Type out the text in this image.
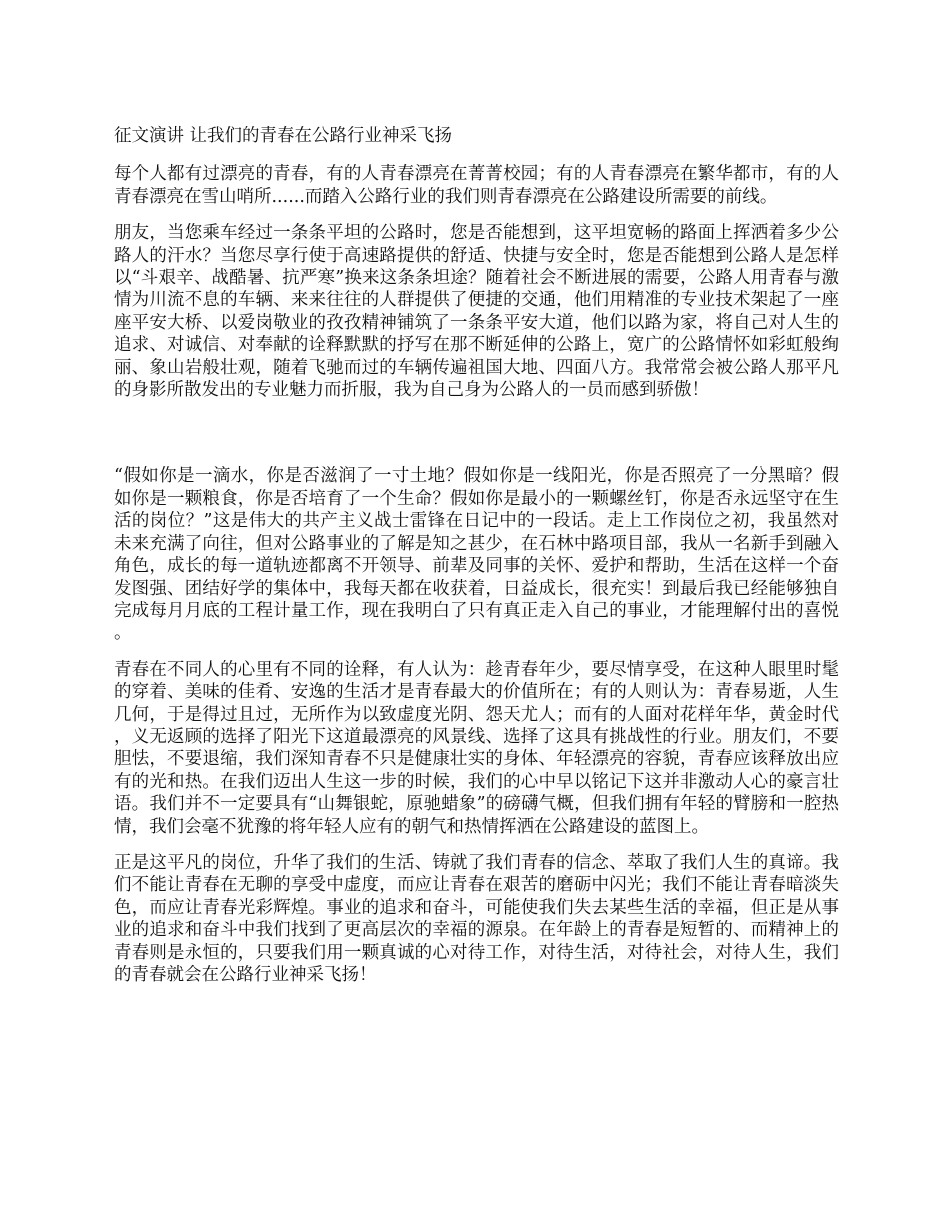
征文演讲 让我们的青春在公路行业神采飞扬

每个人都有过漂亮的青春，有的人青春漂亮在菁菁校园；有的人青春漂亮在繁华都市，有的人青春漂亮在雪山哨所......而踏入公路行业的我们则青春漂亮在公路建设所需要的前线。

朋友，当您乘车经过一条条平坦的公路时，您是否能想到，这平坦宽畅的路面上挥洒着多少公路人的汗水？当您尽享行使于高速路提供的舒适、快捷与安全时，您是否能想到公路人是怎样以“斗艰辛、战酷暑、抗严寒”换来这条条坦途？随着社会不断进展的需要，公路人用青春与激情为川流不息的车辆、来来往往的人群提供了便捷的交通，他们用精准的专业技术架起了一座座平安大桥、以爱岗敬业的孜孜精神铺筑了一条条平安大道，他们以路为家，将自己对人生的追求、对诚信、对奉献的诠释默默的抒写在那不断延伸的公路上，宽广的公路情怀如彩虹般绚丽、象山岩般壮观，随着飞驰而过的车辆传遍祖国大地、四面八方。我常常会被公路人那平凡的身影所散发出的专业魅力而折服，我为自己身为公路人的一员而感到骄傲！

“假如你是一滴水，你是否滋润了一寸土地？假如你是一线阳光，你是否照亮了一分黑暗？假如你是一颗粮食，你是否培育了一个生命？假如你是最小的一颗螺丝钉，你是否永远坚守在生活的岗位？”这是伟大的共产主义战士雷锋在日记中的一段话。走上工作岗位之初，我虽然对未来充满了向往，但对公路事业的了解是知之甚少，在石林中路项目部，我从一名新手到融入角色，成长的每一道轨迹都离不开领导、前辈及同事的关怀、爱护和帮助，生活在这样一个奋发图强、团结好学的集体中，我每天都在收获着，日益成长，很充实！到最后我已经能够独自完成每月月底的工程计量工作，现在我明白了只有真正走入自己的事业，才能理解付出的喜悦。

青春在不同人的心里有不同的诠释，有人认为：趁青春年少，要尽情享受，在这种人眼里时髦的穿着、美味的佳肴、安逸的生活才是青春最大的价值所在；有的人则认为：青春易逝，人生几何，于是得过且过，无所作为以致虚度光阴、怨天尤人；而有的人面对花样年华，黄金时代，义无返顾的选择了阳光下这道最漂亮的风景线、选择了这具有挑战性的行业。朋友们，不要胆怯，不要退缩，我们深知青春不只是健康壮实的身体、年轻漂亮的容貌，青春应该释放出应有的光和热。在我们迈出人生这一步的时候，我们的心中早以铭记下这并非激动人心的豪言壮语。我们并不一定要具有“山舞银蛇，原驰蜡象”的磅礴气概，但我们拥有年轻的臂膀和一腔热情，我们会毫不犹豫的将年轻人应有的朝气和热情挥洒在公路建设的蓝图上。

正是这平凡的岗位，升华了我们的生活、铸就了我们青春的信念、萃取了我们人生的真谛。我们不能让青春在无聊的享受中虚度，而应让青春在艰苦的磨砺中闪光；我们不能让青春暗淡失色，而应让青春光彩辉煌。事业的追求和奋斗，可能使我们失去某些生活的幸福，但正是从事业的追求和奋斗中我们找到了更高层次的幸福的源泉。在年龄上的青春是短暂的、而精神上的青春则是永恒的，只要我们用一颗真诚的心对待工作，对待生活，对待社会，对待人生，我们的青春就会在公路行业神采飞扬！
